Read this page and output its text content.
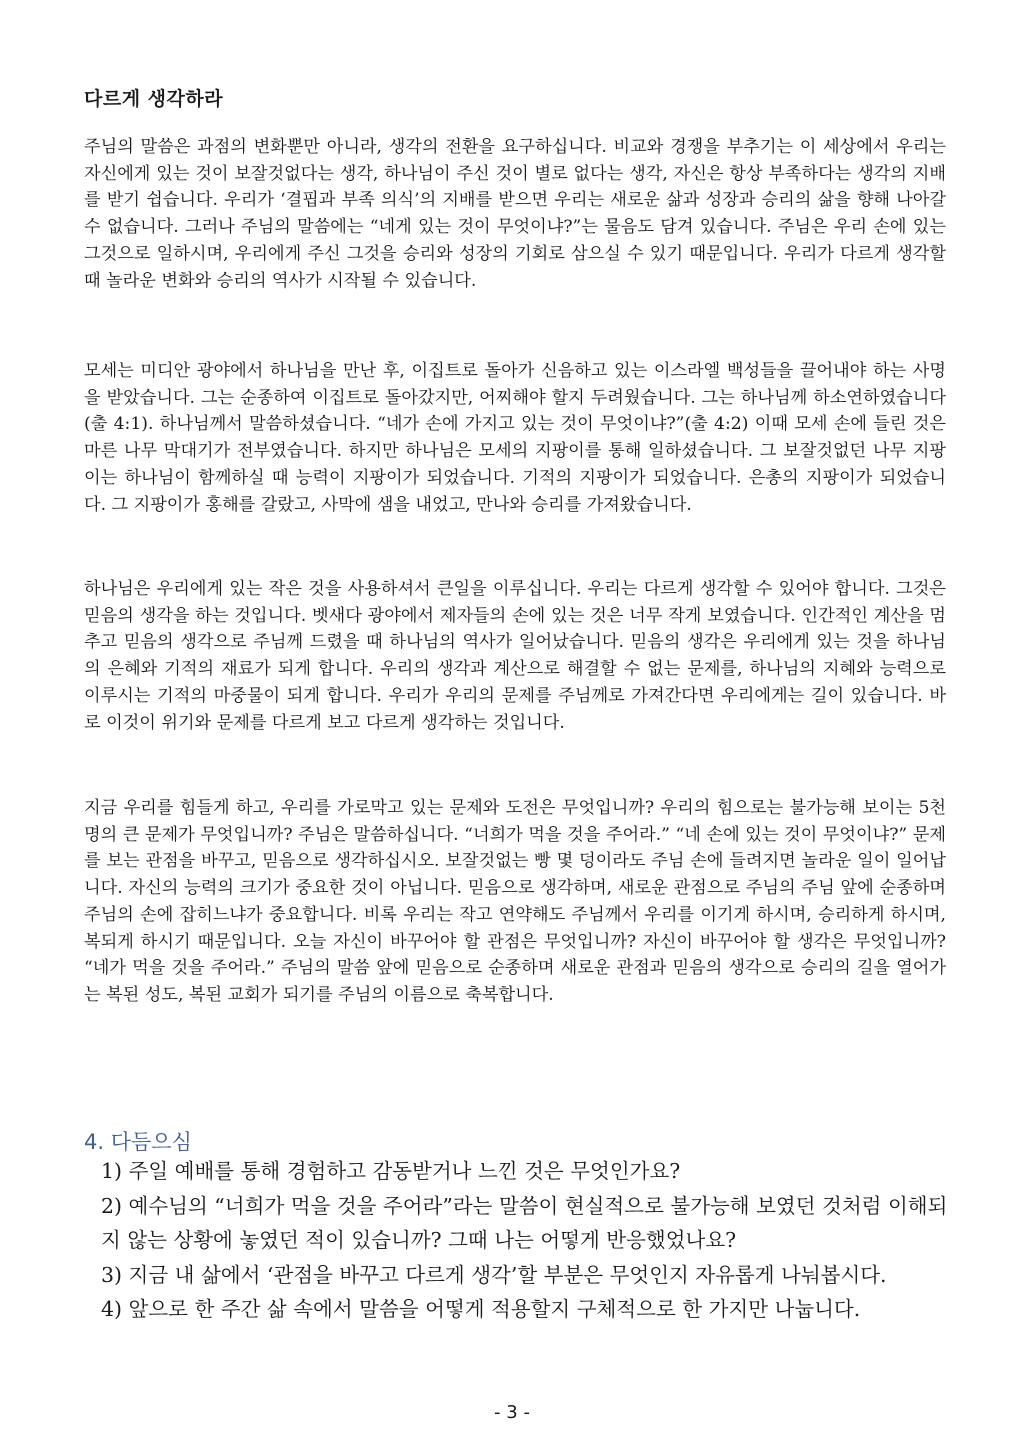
다르게 생각하라

주님의 말씀은 과점의 변화뿐만 아니라, 생각의 전환을 요구하십니다. 비교와 경쟁을 부추기는 이 세상에서 우리는 자신에게 있는 것이 보잘것없다는 생각, 하나님이 주신 것이 별로 없다는 생각, 자신은 항상 부족하다는 생각의 지배를 받기 쉽습니다. 우리가 ‘결핍과 부족 의식’의 지배를 받으면 우리는 새로운 삶과 성장과 승리의 삶을 향해 나아갈 수 없습니다. 그러나 주님의 말씀에는 “네게 있는 것이 무엇이냐?”는 물음도 담겨 있습니다. 주님은 우리 손에 있는 그것으로 일하시며, 우리에게 주신 그것을 승리와 성장의 기회로 삼으실 수 있기 때문입니다. 우리가 다르게 생각할 때 놀라운 변화와 승리의 역사가 시작될 수 있습니다.

모세는 미디안 광야에서 하나님을 만난 후, 이집트로 돌아가 신음하고 있는 이스라엘 백성들을 끌어내야 하는 사명을 받았습니다. 그는 순종하여 이집트로 돌아갔지만, 어찌해야 할지 두려웠습니다. 그는 하나님께 하소연하였습니다(출 4:1). 하나님께서 말씀하셨습니다. “네가 손에 가지고 있는 것이 무엇이냐?”(출 4:2) 이때 모세 손에 들린 것은 마른 나무 막대기가 전부였습니다. 하지만 하나님은 모세의 지팡이를 통해 일하셨습니다. 그 보잘것없던 나무 지팡이는 하나님이 함께하실 때 능력이 지팡이가 되었습니다. 기적의 지팡이가 되었습니다. 은총의 지팡이가 되었습니다. 그 지팡이가 홍해를 갈랐고, 사막에 샘을 내었고, 만나와 승리를 가져왔습니다.

하나님은 우리에게 있는 작은 것을 사용하셔서 큰일을 이루십니다. 우리는 다르게 생각할 수 있어야 합니다. 그것은 믿음의 생각을 하는 것입니다. 벳새다 광야에서 제자들의 손에 있는 것은 너무 작게 보였습니다. 인간적인 계산을 멈추고 믿음의 생각으로 주님께 드렸을 때 하나님의 역사가 일어났습니다. 믿음의 생각은 우리에게 있는 것을 하나님의 은혜와 기적의 재료가 되게 합니다. 우리의 생각과 계산으로 해결할 수 없는 문제를, 하나님의 지혜와 능력으로 이루시는 기적의 마중물이 되게 합니다. 우리가 우리의 문제를 주님께로 가져간다면 우리에게는 길이 있습니다. 바로 이것이 위기와 문제를 다르게 보고 다르게 생각하는 것입니다.

지금 우리를 힘들게 하고, 우리를 가로막고 있는 문제와 도전은 무엇입니까? 우리의 힘으로는 불가능해 보이는 5천 명의 큰 문제가 무엇입니까? 주님은 말씀하십니다. “너희가 먹을 것을 주어라.” “네 손에 있는 것이 무엇이냐?” 문제를 보는 관점을 바꾸고, 믿음으로 생각하십시오. 보잘것없는 빵 몇 덩이라도 주님 손에 들려지면 놀라운 일이 일어납니다. 자신의 능력의 크기가 중요한 것이 아닙니다. 믿음으로 생각하며, 새로운 관점으로 주님의 주님 앞에 순종하며 주님의 손에 잡히느냐가 중요합니다. 비록 우리는 작고 연약해도 주님께서 우리를 이기게 하시며, 승리하게 하시며, 복되게 하시기 때문입니다. 오늘 자신이 바꾸어야 할 관점은 무엇입니까? 자신이 바꾸어야 할 생각은 무엇입니까? “네가 먹을 것을 주어라.” 주님의 말씀 앞에 믿음으로 순종하며 새로운 관점과 믿음의 생각으로 승리의 길을 열어가는 복된 성도, 복된 교회가 되기를 주님의 이름으로 축복합니다.

4. 다듬으심
1) 주일 예배를 통해 경험하고 감동받거나 느낀 것은 무엇인가요?
2) 예수님의 “너희가 먹을 것을 주어라”라는 말씀이 현실적으로 불가능해 보였던 것처럼 이해되지 않는 상황에 놓였던 적이 있습니까? 그때 나는 어떻게 반응했었나요?
3) 지금 내 삶에서 ‘관점을 바꾸고 다르게 생각’할 부분은 무엇인지 자유롭게 나눠봅시다.
4) 앞으로 한 주간 삶 속에서 말씀을 어떻게 적용할지 구체적으로 한 가지만 나눕니다.
- 3 -
